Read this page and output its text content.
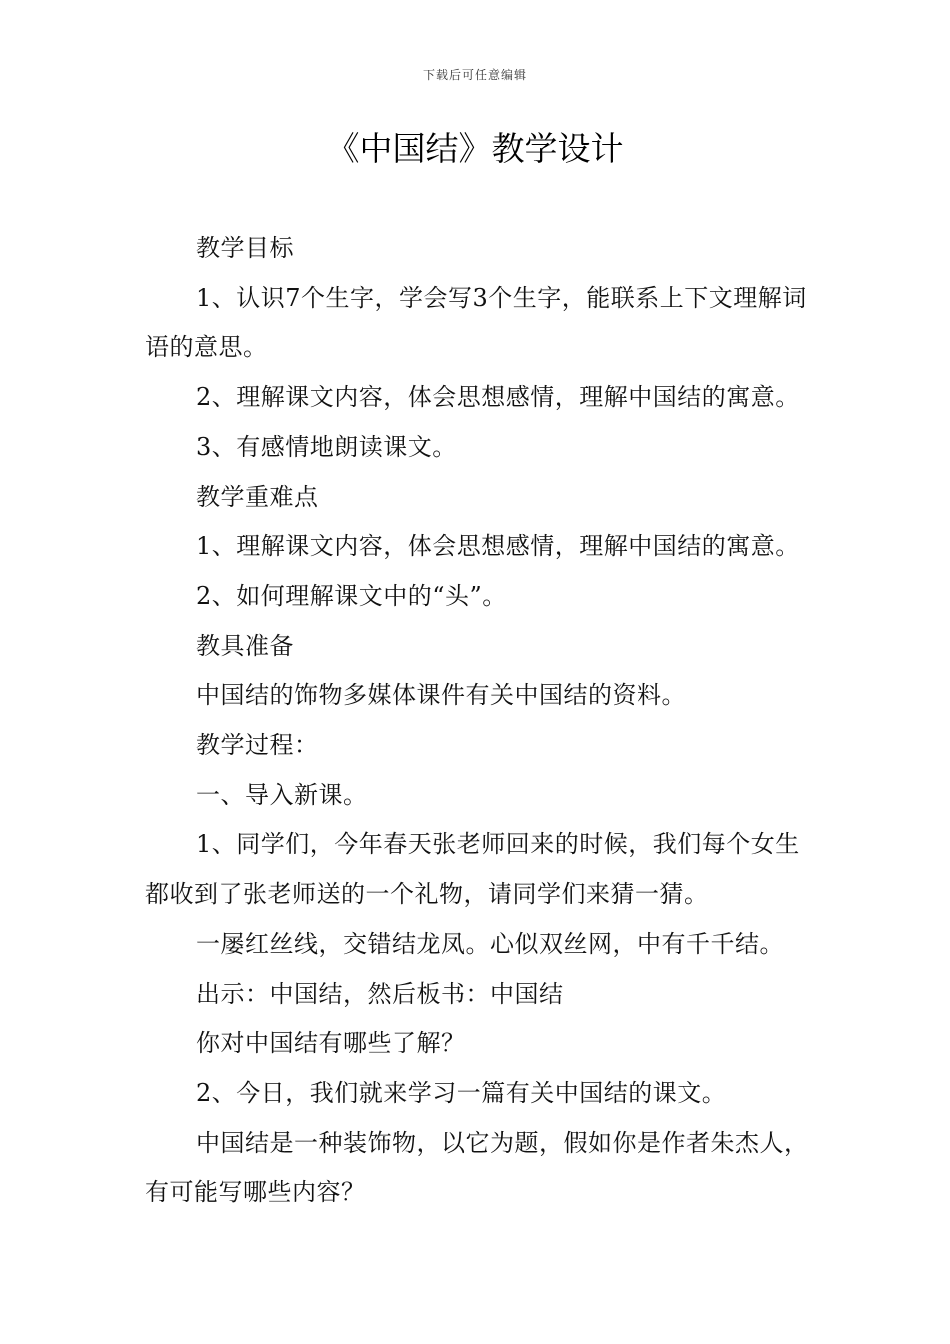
下载后可任意编辑
《中国结》教学设计

教学目标

1、认识7个生字，学会写3个生字，能联系上下文理解词语的意思。

2、理解课文内容，体会思想感情，理解中国结的寓意。

3、有感情地朗读课文。

教学重难点

1、理解课文内容，体会思想感情，理解中国结的寓意。

2、如何理解课文中的“头”。

教具准备

中国结的饰物多媒体课件有关中国结的资料。

教学过程：

一、导入新课。

1、同学们，今年春天张老师回来的时候，我们每个女生都收到了张老师送的一个礼物，请同学们来猜一猜。

一屡红丝线，交错结龙凤。心似双丝网，中有千千结。

出示：中国结，然后板书：中国结

你对中国结有哪些了解？

2、今日，我们就来学习一篇有关中国结的课文。

中国结是一种装饰物，以它为题，假如你是作者朱杰人，有可能写哪些内容？
